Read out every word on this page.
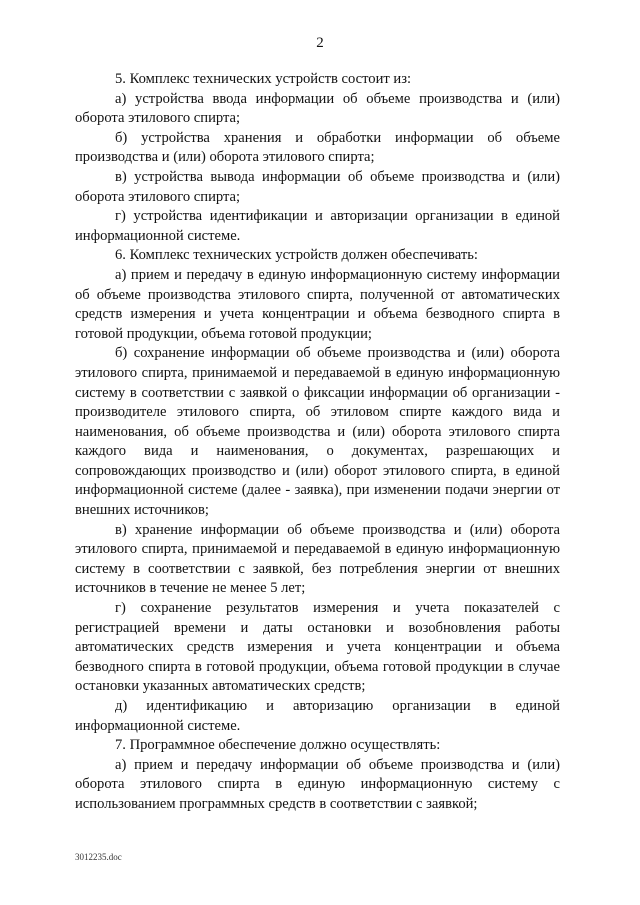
2

5. Комплекс технических устройств состоит из:

а) устройства ввода информации об объеме производства и (или) оборота этилового спирта;

б) устройства хранения и обработки информации об объеме производства и (или) оборота этилового спирта;

в) устройства вывода информации об объеме производства и (или) оборота этилового спирта;

г) устройства идентификации и авторизации организации в единой информационной системе.

6. Комплекс технических устройств должен обеспечивать:

а) прием и передачу в единую информационную систему информации об объеме производства этилового спирта, полученной от автоматических средств измерения и учета концентрации и объема безводного спирта в готовой продукции, объема готовой продукции;

б) сохранение информации об объеме производства и (или) оборота этилового спирта, принимаемой и передаваемой в единую информационную систему в соответствии с заявкой о фиксации информации об организации - производителе этилового спирта, об этиловом спирте каждого вида и наименования, об объеме производства и (или) оборота этилового спирта каждого вида и наименования, о документах, разрешающих и сопровождающих производство и (или) оборот этилового спирта, в единой информационной системе (далее - заявка), при изменении подачи энергии от внешних источников;

в) хранение информации об объеме производства и (или) оборота этилового спирта, принимаемой и передаваемой в единую информационную систему в соответствии с заявкой, без потребления энергии от внешних источников в течение не менее 5 лет;

г) сохранение результатов измерения и учета показателей с регистрацией времени и даты остановки и возобновления работы автоматических средств измерения и учета концентрации и объема безводного спирта в готовой продукции, объема готовой продукции в случае остановки указанных автоматических средств;

д) идентификацию и авторизацию организации в единой информационной системе.

7. Программное обеспечение должно осуществлять:

а) прием и передачу информации об объеме производства и (или) оборота этилового спирта в единую информационную систему с использованием программных средств в соответствии с заявкой;

3012235.doc
